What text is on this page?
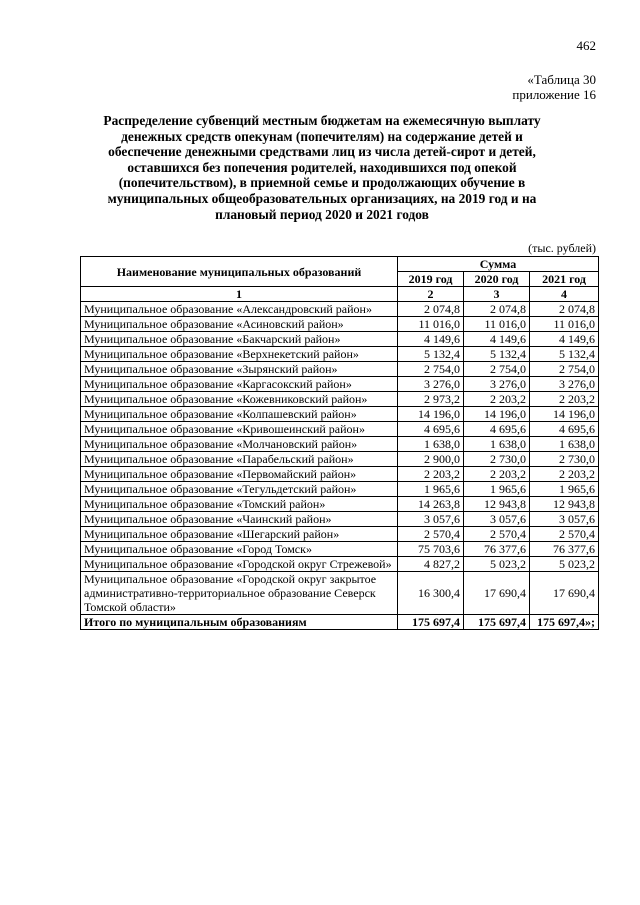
462
«Таблица 30
приложение 16
Распределение субвенций местным бюджетам на ежемесячную выплату денежных средств опекунам (попечителям) на содержание детей и обеспечение денежными средствами лиц из числа детей-сирот и детей, оставшихся без попечения родителей, находившихся под опекой (попечительством), в приемной семье и продолжающих обучение в муниципальных общеобразовательных организациях, на 2019 год и на плановый период 2020 и 2021 годов
(тыс. рублей)
Наименование муниципальных образований	Сумма		
	2019 год	2020 год	2021 год
1	2	3	4
Муниципальное образование «Александровский район»	2 074,8	2 074,8	2 074,8
Муниципальное образование «Асиновский район»	11 016,0	11 016,0	11 016,0
Муниципальное образование «Бакчарский район»	4 149,6	4 149,6	4 149,6
Муниципальное образование «Верхнекетский район»	5 132,4	5 132,4	5 132,4
Муниципальное образование «Зырянский район»	2 754,0	2 754,0	2 754,0
Муниципальное образование «Каргасокский район»	3 276,0	3 276,0	3 276,0
Муниципальное образование «Кожевниковский район»	2 973,2	2 203,2	2 203,2
Муниципальное образование «Колпашевский район»	14 196,0	14 196,0	14 196,0
Муниципальное образование «Кривошеинский район»	4 695,6	4 695,6	4 695,6
Муниципальное образование «Молчановский район»	1 638,0	1 638,0	1 638,0
Муниципальное образование «Парабельский район»	2 900,0	2 730,0	2 730,0
Муниципальное образование «Первомайский район»	2 203,2	2 203,2	2 203,2
Муниципальное образование «Тегульдетский район»	1 965,6	1 965,6	1 965,6
Муниципальное образование «Томский район»	14 263,8	12 943,8	12 943,8
Муниципальное образование «Чаинский район»	3 057,6	3 057,6	3 057,6
Муниципальное образование «Шегарский район»	2 570,4	2 570,4	2 570,4
Муниципальное образование «Город Томск»	75 703,6	76 377,6	76 377,6
Муниципальное образование «Городской округ Стрежевой»	4 827,2	5 023,2	5 023,2
Муниципальное образование «Городской округ закрытое административно-территориальное образование Северск Томской области»	16 300,4	17 690,4	17 690,4
Итого по муниципальным образованиям	175 697,4	175 697,4	175 697,4»;
